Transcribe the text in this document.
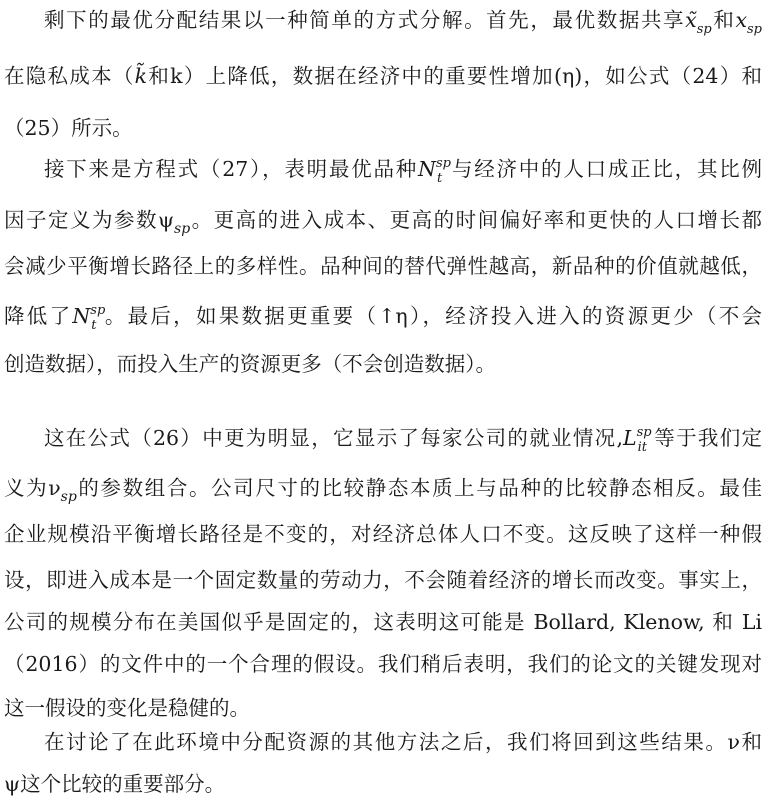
剩下的最优分配结果以一种简单的方式分解。首先，最优数据共享$x̃_{sp}$和$x_{sp}$
在隐私成本（k̃和k）上降低，数据在经济中的重要性增加(η)，如公式（24）和
（25）所示。
接下来是方程式（27），表明最优品种$N^{sp}_t$ 与经济中的人口成正比，其比例
因子定义为参数$\psi_{sp}$。更高的进入成本、更高的时间偏好率和更快的人口增长都
会减少平衡增长路径上的多样性。品种间的替代弹性越高，新品种的价值就越低，
降低了$N^{sp}_t$ 。最后，如果数据更重要（↑η），经济投入进入的资源更少（不会
创造数据），而投入生产的资源更多（不会创造数据）。
这在公式（26）中更为明显，它显示了每家公司的就业情况$,L^{sp}_{it}$ 等于我们定
义为$\nu_{sp}$的参数组合。公司尺寸的比较静态本质上与品种的比较静态相反。最佳
企业规模沿平衡增长路径是不变的，对经济总体人口不变。这反映了这样一种假
设，即进入成本是一个固定数量的劳动力，不会随着经济的增长而改变。事实上，
公司的规模分布在美国似乎是固定的，这表明这可能是 Bollard, Klenow, 和 Li
（2016）的文件中的一个合理的假设。我们稍后表明，我们的论文的关键发现对
这一假设的变化是稳健的。
在讨论了在此环境中分配资源的其他方法之后，我们将回到这些结果。ν和
ψ这个比较的重要部分。
